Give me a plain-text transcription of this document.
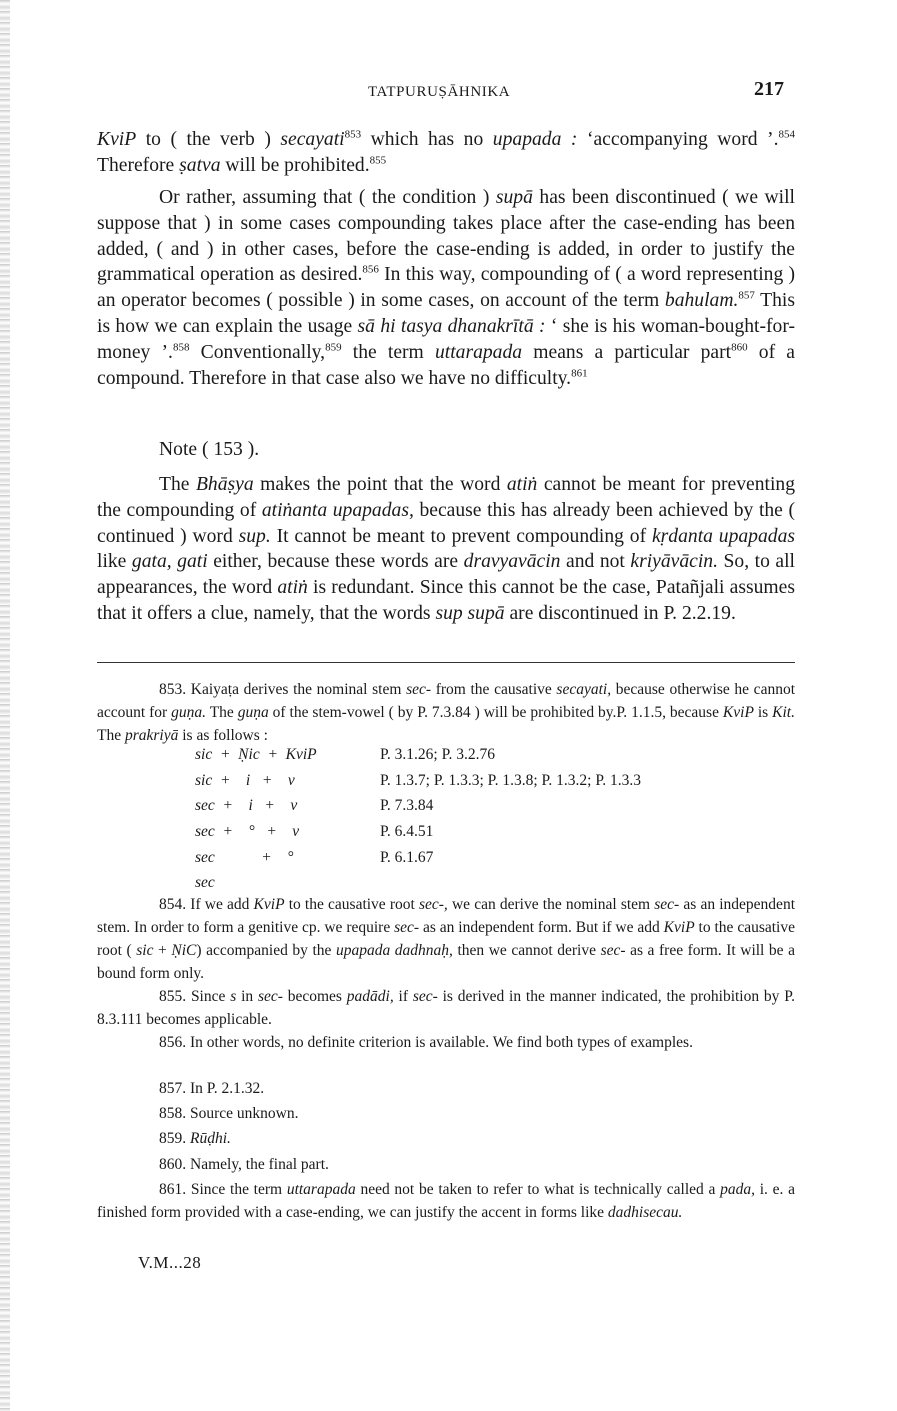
TATPURUṢĀHNIKA	217
KviP to ( the verb ) secayati$^{853}$ which has no upapada : ‘accompanying word ’.$^{854}$ Therefore ṣatva will be prohibited.$^{855}$
Or rather, assuming that ( the condition ) supā has been discontinued ( we will suppose that ) in some cases compounding takes place after the case-ending has been added, ( and ) in other cases, before the case-ending is added, in order to justify the grammatical operation as desired.$^{856}$ In this way, compounding of ( a word representing ) an operator becomes ( possible ) in some cases, on account of the term bahulam.$^{857}$ This is how we can explain the usage sā hi tasya dhanakrītā : ‘ she is his woman-bought-for-money ’.$^{858}$ Conventionally,$^{859}$ the term uttarapada means a particular part$^{860}$ of a compound. Therefore in that case also we have no difficulty.$^{861}$
Note ( 153 ).
The Bhāṣya makes the point that the word atiṅ cannot be meant for preventing the compounding of atiṅanta upapadas, because this has already been achieved by the ( continued ) word sup. It cannot be meant to prevent compounding of kṛdanta upapadas like gata, gati either, because these words are dravyavācin and not kriyāvācin. So, to all appearances, the word atiṅ is redundant. Since this cannot be the case, Patañjali assumes that it offers a clue, namely, that the words sup supā are discontinued in P. 2.2.19.
853. Kaiyaṭa derives the nominal stem sec- from the causative secayati, because otherwise he cannot account for guṇa. The guṇa of the stem-vowel ( by P. 7.3.84 ) will be prohibited by.P. 1.1.5, because KviP is Kit. The prakriyā is as follows :
sic  +  Ṇic  +  KviP	P. 3.1.26; P. 3.2.76
sic  +    i   +    v	P. 1.3.7; P. 1.3.3; P. 1.3.8; P. 1.3.2; P. 1.3.3
sec  +    i   +    v	P. 7.3.84
sec  +    °   +    v	P. 6.4.51
sec            +    °	P. 6.1.67
sec
854. If we add KviP to the causative root sec-, we can derive the nominal stem sec- as an independent stem. In order to form a genitive cp. we require sec- as an independent form. But if we add KviP to the causative root ( sic + ṆiC) accompanied by the upapada dadhnaḥ, then we cannot derive sec- as a free form. It will be a bound form only.
855. Since s in sec- becomes padādi, if sec- is derived in the manner indicated, the prohibition by P. 8.3.111 becomes applicable.
856. In other words, no definite criterion is available. We find both types of examples.
857. In P. 2.1.32.
858. Source unknown.
859. Rūḍhi.
860. Namely, the final part.
861. Since the term uttarapada need not be taken to refer to what is technically called a pada, i. e. a finished form provided with a case-ending, we can justify the accent in forms like dadhisecau.
V.M...28
